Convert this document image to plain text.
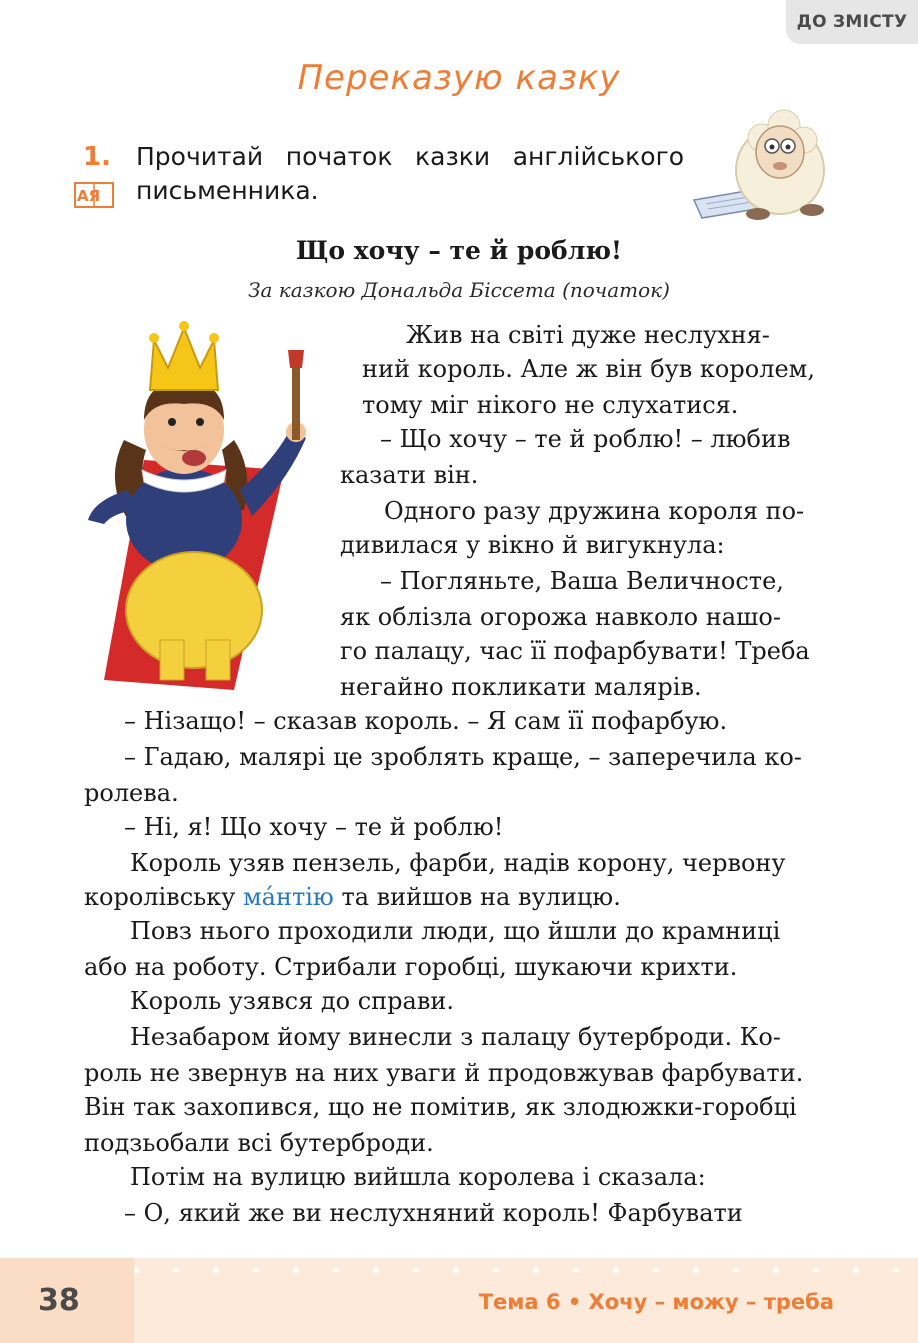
ДО ЗМІСТУ
Переказую казку
1.
АЯ
Прочитай початок казки англійського письменника.
Що хочу – те й роблю!
За казкою Дональда Біссета (початок)
Жив на світі дуже неслухня-
ний король. Але ж він був королем,
тому міг нікого не слухатися.
– Що хочу – те й роблю! – любив
казати він.
Одного разу дружина короля по-
дивилася у вікно й вигукнула:
– Погляньте, Ваша Величносте,
як облізла огорожа навколо нашо-
го палацу, час її пофарбувати! Треба
негайно покликати малярів.
– Нізащо! – сказав король. – Я сам її пофарбую.
– Гадаю, малярі це зроблять краще, – заперечила ко-
ролева.
– Ні, я! Що хочу – те й роблю!
Король узяв пензель, фарби, надів корону, червону
королівську ма́нтію та вийшов на вулицю.
Повз нього проходили люди, що йшли до крамниці
або на роботу. Стрибали горобці, шукаючи крихти.
Король узявся до справи.
Незабаром йому винесли з палацу бутерброди. Ко-
роль не звернув на них уваги й продовжував фарбувати.
Він так захопився, що не помітив, як злодюжки-горобці
подзьобали всі бутерброди.
Потім на вулицю вийшла королева і сказала:
– О, який же ви неслухняний король! Фарбувати
38	Тема 6 • Хочу – можу – треба
